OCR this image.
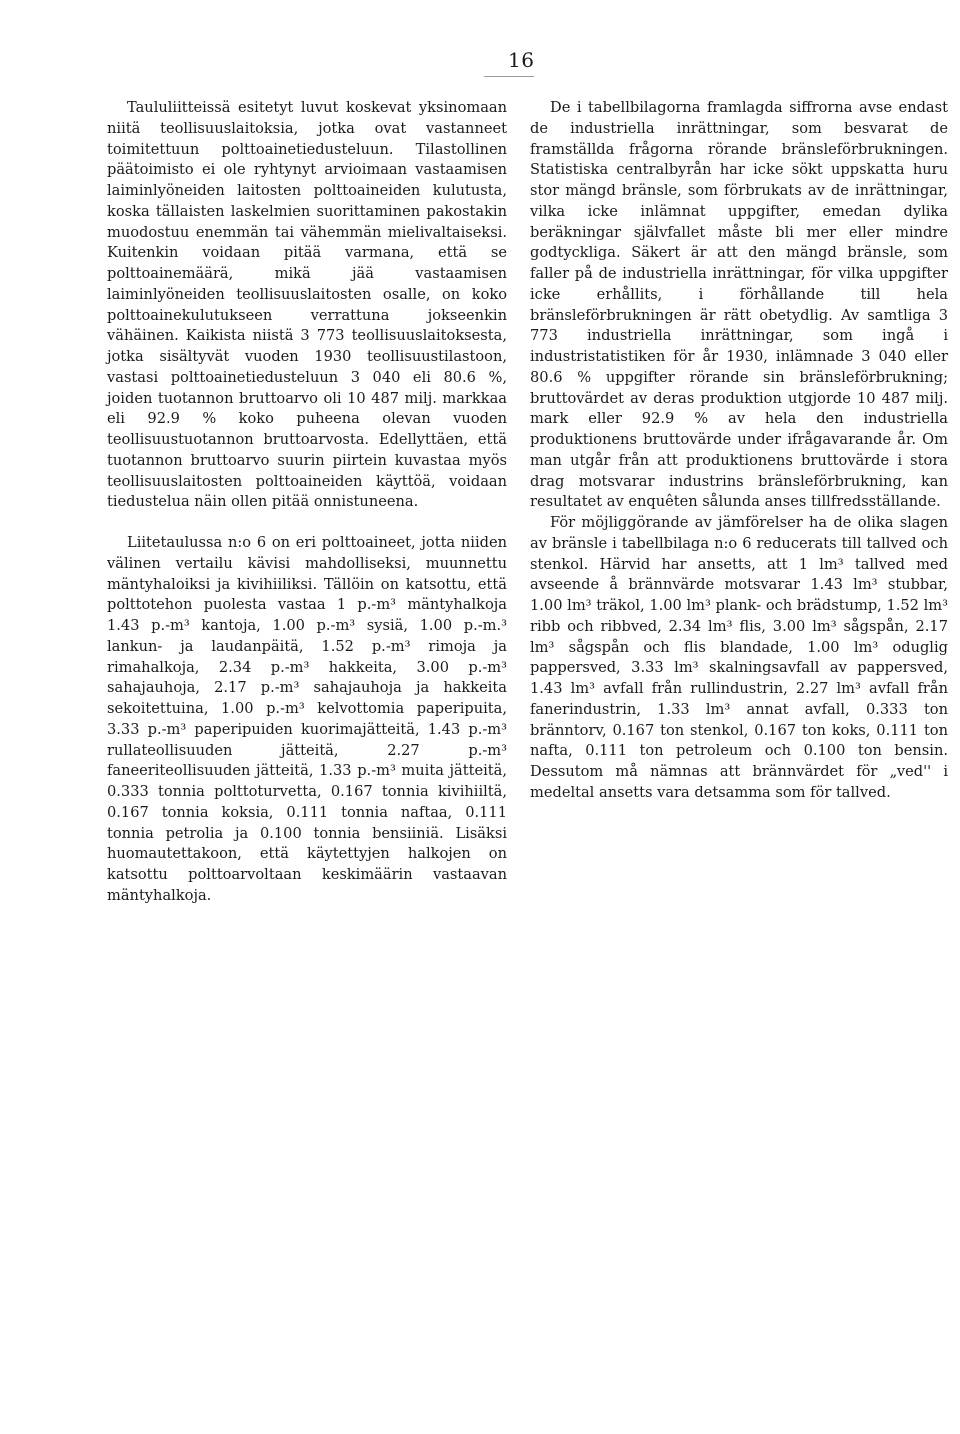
16

Taululiitteissä esitetyt luvut koskevat yksinomaan niitä teollisuuslaitoksia, jotka ovat vastanneet toimitettuun polttoainetiedusteluun. Tilastollinen päätoimisto ei ole ryhtynyt arvioimaan vastaamisen laiminlyöneiden laitosten polttoaineiden kulutusta, koska tällaisten laskelmien suorittaminen pakostakin muodostuu enemmän tai vähemmän mielivaltaiseksi. Kuitenkin voidaan pitää varmana, että se polttoainemäärä, mikä jää vastaamisen laiminlyöneiden teollisuuslaitosten osalle, on koko polttoainekulutukseen verrattuna jokseenkin vähäinen. Kaikista niistä 3 773 teollisuuslaitoksesta, jotka sisältyvät vuoden 1930 teollisuustilastoon, vastasi polttoainetiedusteluun 3 040 eli 80.6 %, joiden tuotannon bruttoarvo oli 10 487 milj. markkaa eli 92.9 % koko puheena olevan vuoden teollisuustuotannon bruttoarvosta. Edellyttäen, että tuotannon bruttoarvo suurin piirtein kuvastaa myös teollisuuslaitosten polttoaineiden käyttöä, voidaan tiedustelua näin ollen pitää onnistuneena.

Liitetaulussa n:o 6 on eri polttoaineet, jotta niiden välinen vertailu kävisi mahdolliseksi, muunnettu mäntyhaloiksi ja kivihiiliksi. Tällöin on katsottu, että polttotehon puolesta vastaa 1 p.-m³ mäntyhalkoja 1.43 p.-m³ kantoja, 1.00 p.-m³ sysiä, 1.00 p.-m.³ lankun- ja laudanpäitä, 1.52 p.-m³ rimoja ja rimahalkoja, 2.34 p.-m³ hakkeita, 3.00 p.-m³ sahajauhoja, 2.17 p.-m³ sahajauhoja ja hakkeita sekoitettuina, 1.00 p.-m³ kelvottomia paperipuita, 3.33 p.-m³ paperipuiden kuorimajätteitä, 1.43 p.-m³ rullateollisuuden jätteitä, 2.27 p.-m³ faneeriteollisuuden jätteitä, 1.33 p.-m³ muita jätteitä, 0.333 tonnia polttoturvetta, 0.167 tonnia kivihiiltä, 0.167 tonnia koksia, 0.111 tonnia naftaa, 0.111 tonnia petrolia ja 0.100 tonnia bensiiniä. Lisäksi huomautettakoon, että käytettyjen halkojen on katsottu polttoarvoltaan keskimäärin vastaavan mäntyhalkoja.

De i tabellbilagorna framlagda siffrorna avse endast de industriella inrättningar, som besvarat de framställda frågorna rörande bränsleförbrukningen. Statistiska centralbyrån har icke sökt uppskatta huru stor mängd bränsle, som förbrukats av de inrättningar, vilka icke inlämnat uppgifter, emedan dylika beräkningar självfallet måste bli mer eller mindre godtyckliga. Säkert är att den mängd bränsle, som faller på de industriella inrättningar, för vilka uppgifter icke erhållits, i förhållande till hela bränsleförbrukningen är rätt obetydlig. Av samtliga 3 773 industriella inrättningar, som ingå i industristatistiken för år 1930, inlämnade 3 040 eller 80.6 % uppgifter rörande sin bränsleförbrukning; bruttovärdet av deras produktion utgjorde 10 487 milj. mark eller 92.9 % av hela den industriella produktionens bruttovärde under ifrågavarande år. Om man utgår från att produktionens bruttovärde i stora drag motsvarar industrins bränsleförbrukning, kan resultatet av enquêten sålunda anses tillfredsställande.

För möjliggörande av jämförelser ha de olika slagen av bränsle i tabellbilaga n:o 6 reducerats till tallved och stenkol. Härvid har ansetts, att 1 lm³ tallved med avseende å brännvärde motsvarar 1.43 lm³ stubbar, 1.00 lm³ träkol, 1.00 lm³ plank- och brädstump, 1.52 lm³ ribb och ribbved, 2.34 lm³ flis, 3.00 lm³ sågspån, 2.17 lm³ sågspån och flis blandade, 1.00 lm³ oduglig pappersved, 3.33 lm³ skalningsavfall av pappersved, 1.43 lm³ avfall från rullindustrin, 2.27 lm³ avfall från fanerindustrin, 1.33 lm³ annat avfall, 0.333 ton bränntorv, 0.167 ton stenkol, 0.167 ton koks, 0.111 ton nafta, 0.111 ton petroleum och 0.100 ton bensin. Dessutom må nämnas att brännvärdet för „ved'' i medeltal ansetts vara detsamma som för tallved.
